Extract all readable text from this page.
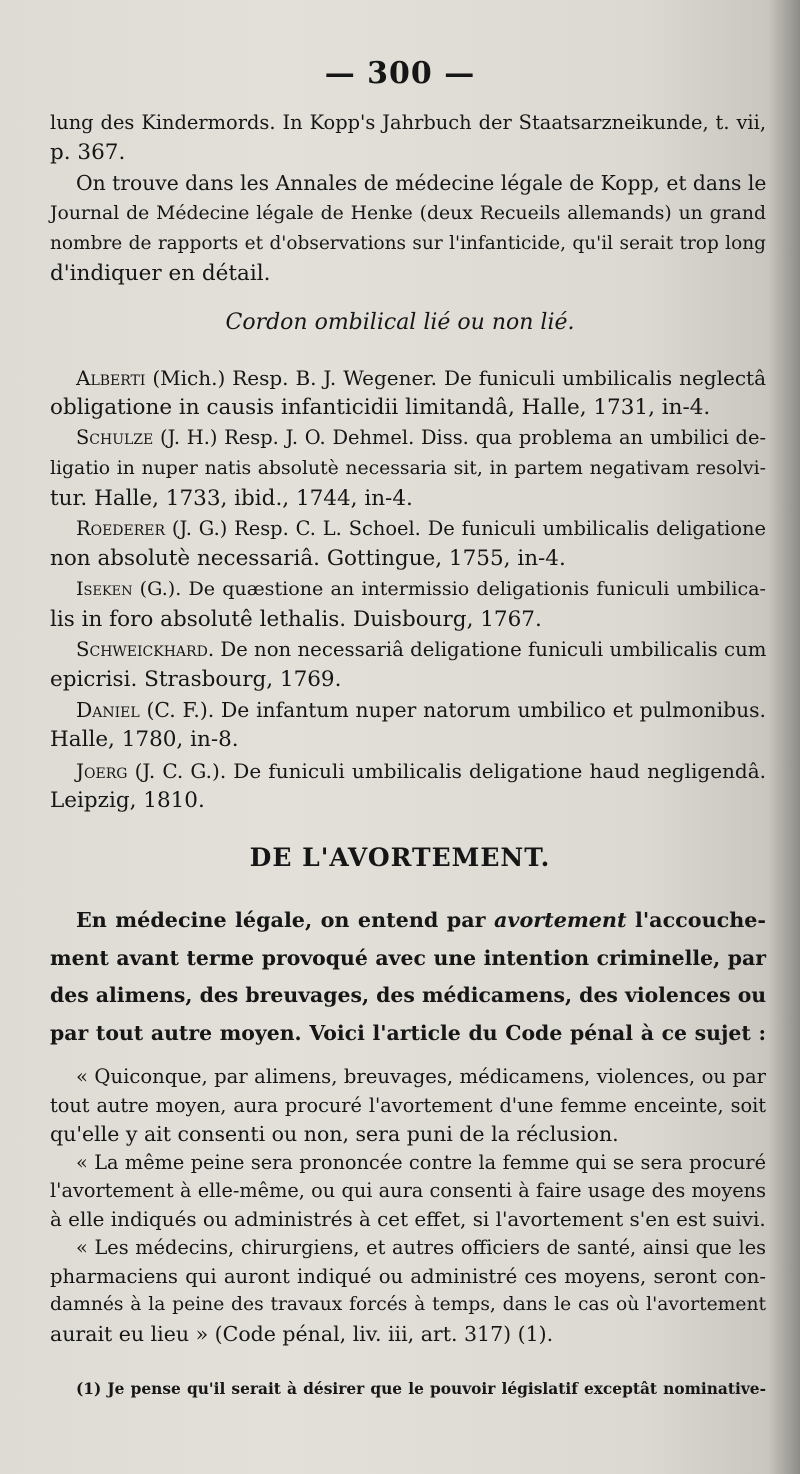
— 300 —
lung des Kindermords. In Kopp's Jahrbuch der Staatsarzneikunde, t. vii,
p. 367.
On trouve dans les Annales de médecine légale de Kopp, et dans le
Journal de Médecine légale de Henke (deux Recueils allemands) un grand
nombre de rapports et d'observations sur l'infanticide, qu'il serait trop long
d'indiquer en détail.
Cordon ombilical lié ou non lié.
Alberti (Mich.) Resp. B. J. Wegener. De funiculi umbilicalis neglectâ
obligatione in causis infanticidii limitandâ, Halle, 1731, in-4.
Schulze (J. H.) Resp. J. O. Dehmel. Diss. qua problema an umbilici de-
ligatio in nuper natis absolutè necessaria sit, in partem negativam resolvi-
tur. Halle, 1733, ibid., 1744, in-4.
Roederer (J. G.) Resp. C. L. Schoel. De funiculi umbilicalis deligatione
non absolutè necessariâ. Gottingue, 1755, in-4.
Iseken (G.). De quæstione an intermissio deligationis funiculi umbilica-
lis in foro absolutê lethalis. Duisbourg, 1767.
Schweickhard. De non necessariâ deligatione funiculi umbilicalis cum
epicrisi. Strasbourg, 1769.
Daniel (C. F.). De infantum nuper natorum umbilico et pulmonibus.
Halle, 1780, in-8.
Joerg (J. C. G.). De funiculi umbilicalis deligatione haud negligendâ.
Leipzig, 1810.
DE L'AVORTEMENT.
En médecine légale, on entend par avortement l'accouche-
ment avant terme provoqué avec une intention criminelle, par
des alimens, des breuvages, des médicamens, des violences ou
par tout autre moyen. Voici l'article du Code pénal à ce sujet :
« Quiconque, par alimens, breuvages, médicamens, violences, ou par
tout autre moyen, aura procuré l'avortement d'une femme enceinte, soit
qu'elle y ait consenti ou non, sera puni de la réclusion.
« La même peine sera prononcée contre la femme qui se sera procuré
l'avortement à elle-même, ou qui aura consenti à faire usage des moyens
à elle indiqués ou administrés à cet effet, si l'avortement s'en est suivi.
« Les médecins, chirurgiens, et autres officiers de santé, ainsi que les
pharmaciens qui auront indiqué ou administré ces moyens, seront con-
damnés à la peine des travaux forcés à temps, dans le cas où l'avortement
aurait eu lieu » (Code pénal, liv. iii, art. 317) (1).
(1) Je pense qu'il serait à désirer que le pouvoir législatif exceptât nominative-
